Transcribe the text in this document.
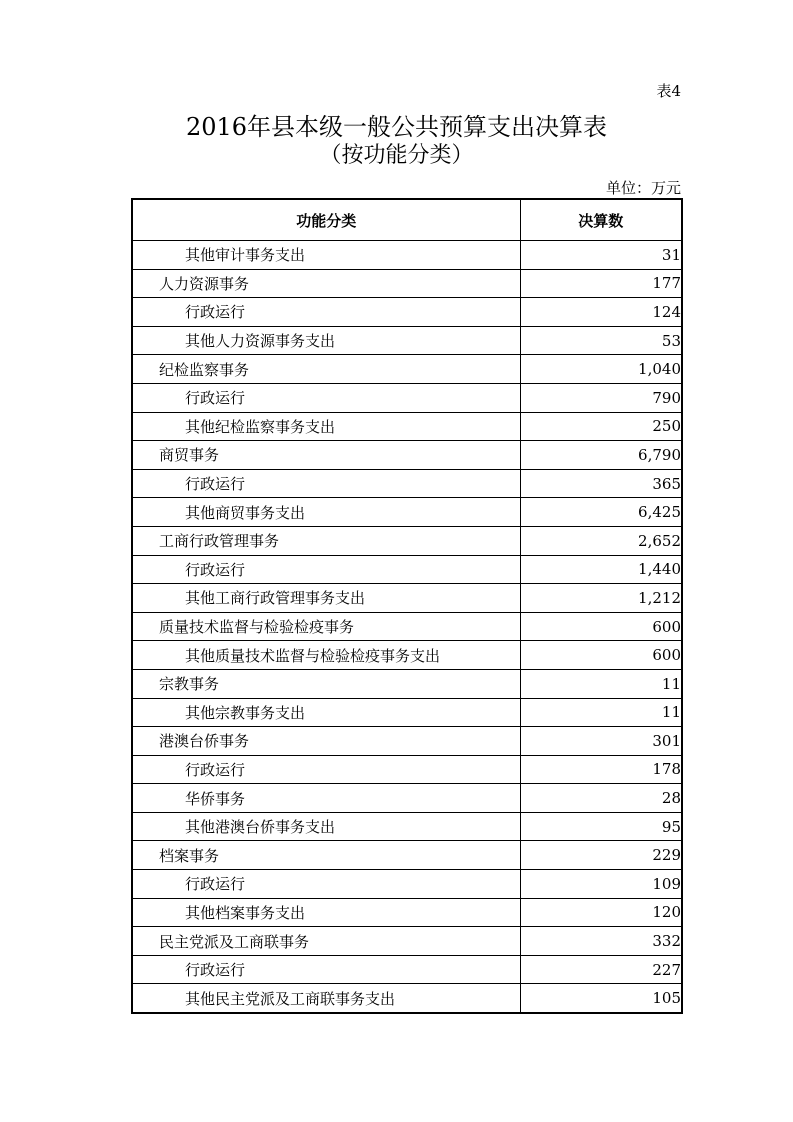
表4
2016年县本级一般公共预算支出决算表
（按功能分类）
单位：万元
功能分类	决算数
其他审计事务支出	31
人力资源事务	177
行政运行	124
其他人力资源事务支出	53
纪检监察事务	1,040
行政运行	790
其他纪检监察事务支出	250
商贸事务	6,790
行政运行	365
其他商贸事务支出	6,425
工商行政管理事务	2,652
行政运行	1,440
其他工商行政管理事务支出	1,212
质量技术监督与检验检疫事务	600
其他质量技术监督与检验检疫事务支出	600
宗教事务	11
其他宗教事务支出	11
港澳台侨事务	301
行政运行	178
华侨事务	28
其他港澳台侨事务支出	95
档案事务	229
行政运行	109
其他档案事务支出	120
民主党派及工商联事务	332
行政运行	227
其他民主党派及工商联事务支出	105
